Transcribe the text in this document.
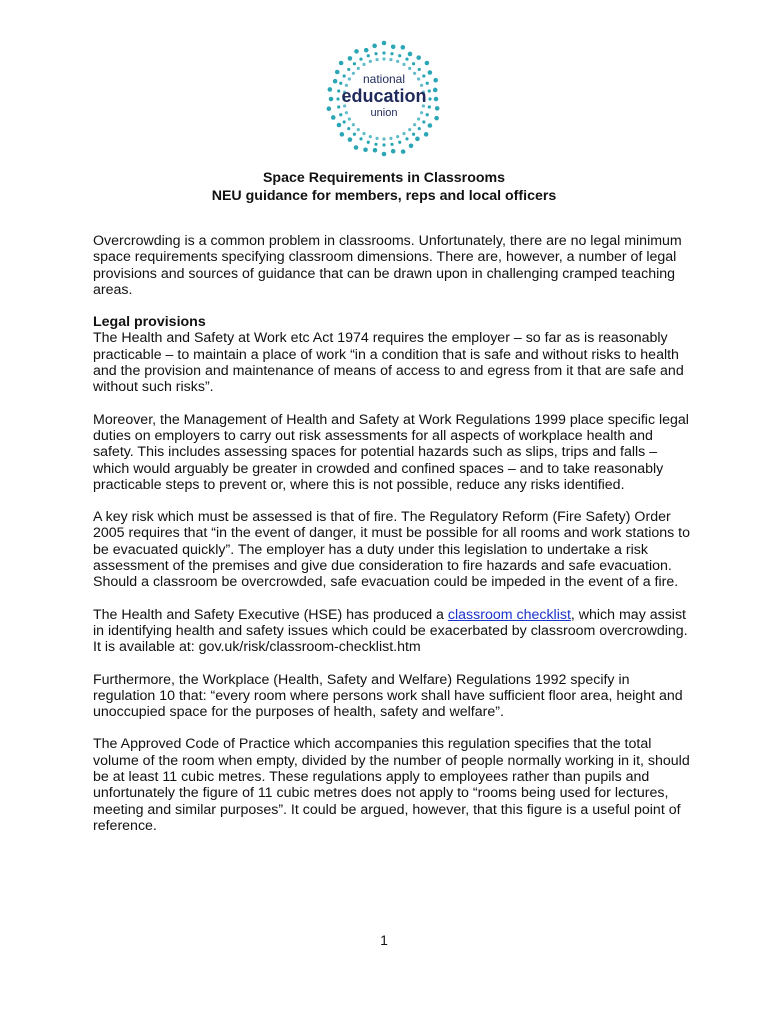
national
education
union
Space Requirements in Classrooms
NEU guidance for members, reps and local officers

Overcrowding is a common problem in classrooms. Unfortunately, there are no legal minimum space requirements specifying classroom dimensions. There are, however, a number of legal provisions and sources of guidance that can be drawn upon in challenging cramped teaching areas.

Legal provisions
The Health and Safety at Work etc Act 1974 requires the employer – so far as is reasonably practicable – to maintain a place of work “in a condition that is safe and without risks to health and the provision and maintenance of means of access to and egress from it that are safe and without such risks”.

Moreover, the Management of Health and Safety at Work Regulations 1999 place specific legal duties on employers to carry out risk assessments for all aspects of workplace health and safety. This includes assessing spaces for potential hazards such as slips, trips and falls – which would arguably be greater in crowded and confined spaces – and to take reasonably practicable steps to prevent or, where this is not possible, reduce any risks identified.

A key risk which must be assessed is that of fire. The Regulatory Reform (Fire Safety) Order 2005 requires that “in the event of danger, it must be possible for all rooms and work stations to be evacuated quickly”. The employer has a duty under this legislation to undertake a risk assessment of the premises and give due consideration to fire hazards and safe evacuation. Should a classroom be overcrowded, safe evacuation could be impeded in the event of a fire.

The Health and Safety Executive (HSE) has produced a classroom checklist, which may assist in identifying health and safety issues which could be exacerbated by classroom overcrowding. It is available at: gov.uk/risk/classroom-checklist.htm

Furthermore, the Workplace (Health, Safety and Welfare) Regulations 1992 specify in regulation 10 that: “every room where persons work shall have sufficient floor area, height and unoccupied space for the purposes of health, safety and welfare”.

The Approved Code of Practice which accompanies this regulation specifies that the total volume of the room when empty, divided by the number of people normally working in it, should be at least 11 cubic metres. These regulations apply to employees rather than pupils and unfortunately the figure of 11 cubic metres does not apply to “rooms being used for lectures, meeting and similar purposes”. It could be argued, however, that this figure is a useful point of reference.

1
